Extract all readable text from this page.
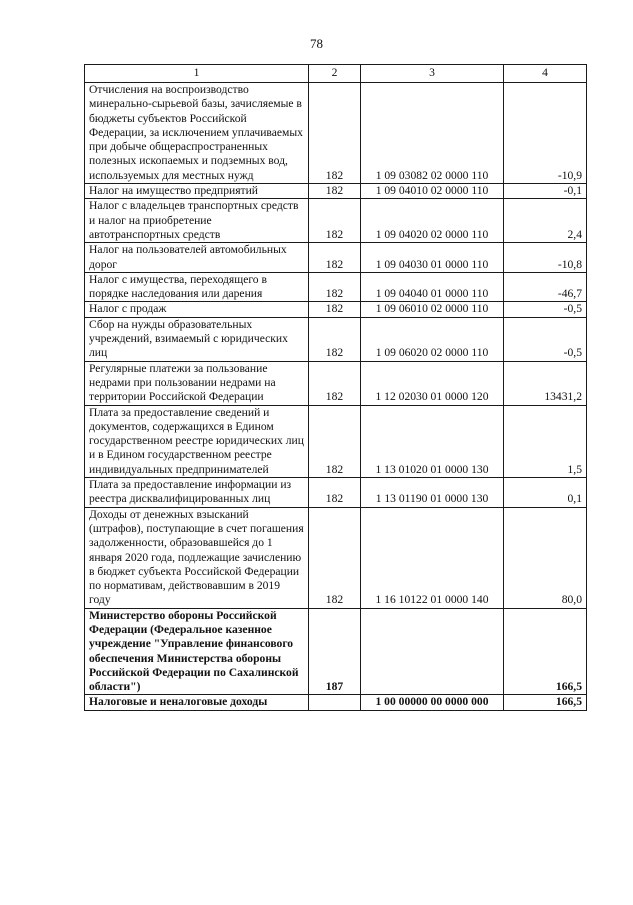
78
1	2	3	4
Отчисления на воспроизводство минерально-сырьевой базы, зачисляемые в бюджеты субъектов Российской Федерации, за исключением уплачиваемых при добыче общераспространенных полезных ископаемых и подземных вод, используемых для местных нужд	182	1 09 03082 02 0000 110	-10,9
Налог на имущество предприятий	182	1 09 04010 02 0000 110	-0,1
Налог с владельцев транспортных средств и налог на приобретение автотранспортных средств	182	1 09 04020 02 0000 110	2,4
Налог на пользователей автомобильных дорог	182	1 09 04030 01 0000 110	-10,8
Налог с имущества, переходящего в порядке наследования или дарения	182	1 09 04040 01 0000 110	-46,7
Налог с продаж	182	1 09 06010 02 0000 110	-0,5
Сбор на нужды образовательных учреждений, взимаемый с юридических лиц	182	1 09 06020 02 0000 110	-0,5
Регулярные платежи за пользование недрами при пользовании недрами на территории Российской Федерации	182	1 12 02030 01 0000 120	13431,2
Плата за предоставление сведений и документов, содержащихся в Едином государственном реестре юридических лиц и в Едином государственном реестре индивидуальных предпринимателей	182	1 13 01020 01 0000 130	1,5
Плата за предоставление информации из реестра дисквалифицированных лиц	182	1 13 01190 01 0000 130	0,1
Доходы от денежных взысканий (штрафов), поступающие в счет погашения задолженности, образовавшейся до 1 января 2020 года, подлежащие зачислению в бюджет субъекта Российской Федерации по нормативам, действовавшим в 2019 году	182	1 16 10122 01 0000 140	80,0
Министерство обороны Российской Федерации (Федеральное казенное учреждение "Управление финансового обеспечения Министерства обороны Российской Федерации по Сахалинской области")	187		166,5
Налоговые и неналоговые доходы		1 00 00000 00 0000 000	166,5
